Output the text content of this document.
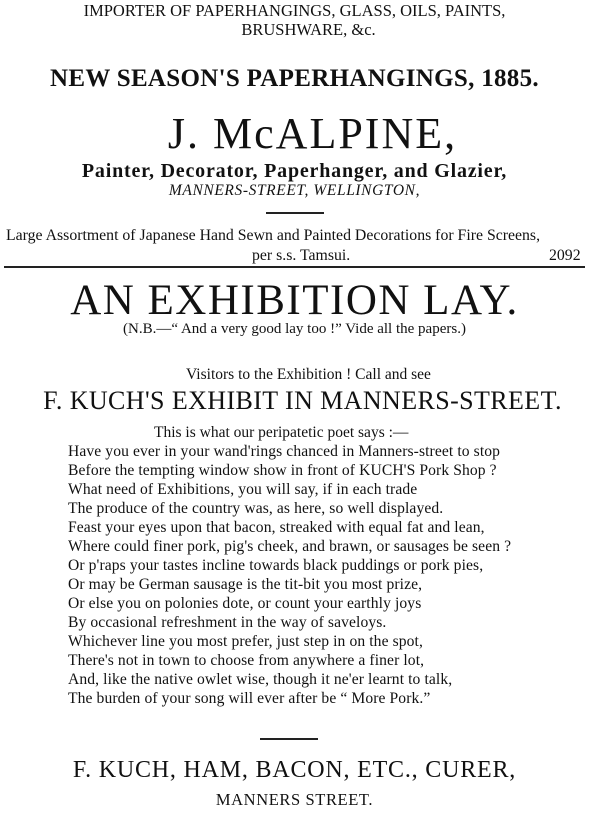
IMPORTER OF PAPERHANGINGS, GLASS, OILS, PAINTS,
BRUSHWARE, &c.
NEW SEASON'S PAPERHANGINGS, 1885.
J. McALPINE,
Painter, Decorator, Paperhanger, and Glazier,
MANNERS-STREET, WELLINGTON,
Large Assortment of Japanese Hand Sewn and Painted Decorations for Fire Screens,
per s.s. Tamsui.	2092
AN EXHIBITION LAY.
(N.B.—“ And a very good lay too !” Vide all the papers.)
Visitors to the Exhibition ! Call and see
F. KUCH'S EXHIBIT IN MANNERS-STREET.
This is what our peripatetic poet says :—
Have you ever in your wand'rings chanced in Manners-street to stop
Before the tempting window show in front of KUCH'S Pork Shop ?
What need of Exhibitions, you will say, if in each trade
The produce of the country was, as here, so well displayed.
Feast your eyes upon that bacon, streaked with equal fat and lean,
Where could finer pork, pig's cheek, and brawn, or sausages be seen ?
Or p'raps your tastes incline towards black puddings or pork pies,
Or may be German sausage is the tit-bit you most prize,
Or else you on polonies dote, or count your earthly joys
By occasional refreshment in the way of saveloys.
Whichever line you most prefer, just step in on the spot,
There's not in town to choose from anywhere a finer lot,
And, like the native owlet wise, though it ne'er learnt to talk,
The burden of your song will ever after be “ More Pork.”
F. KUCH, HAM, BACON, ETC., CURER,
MANNERS STREET.
